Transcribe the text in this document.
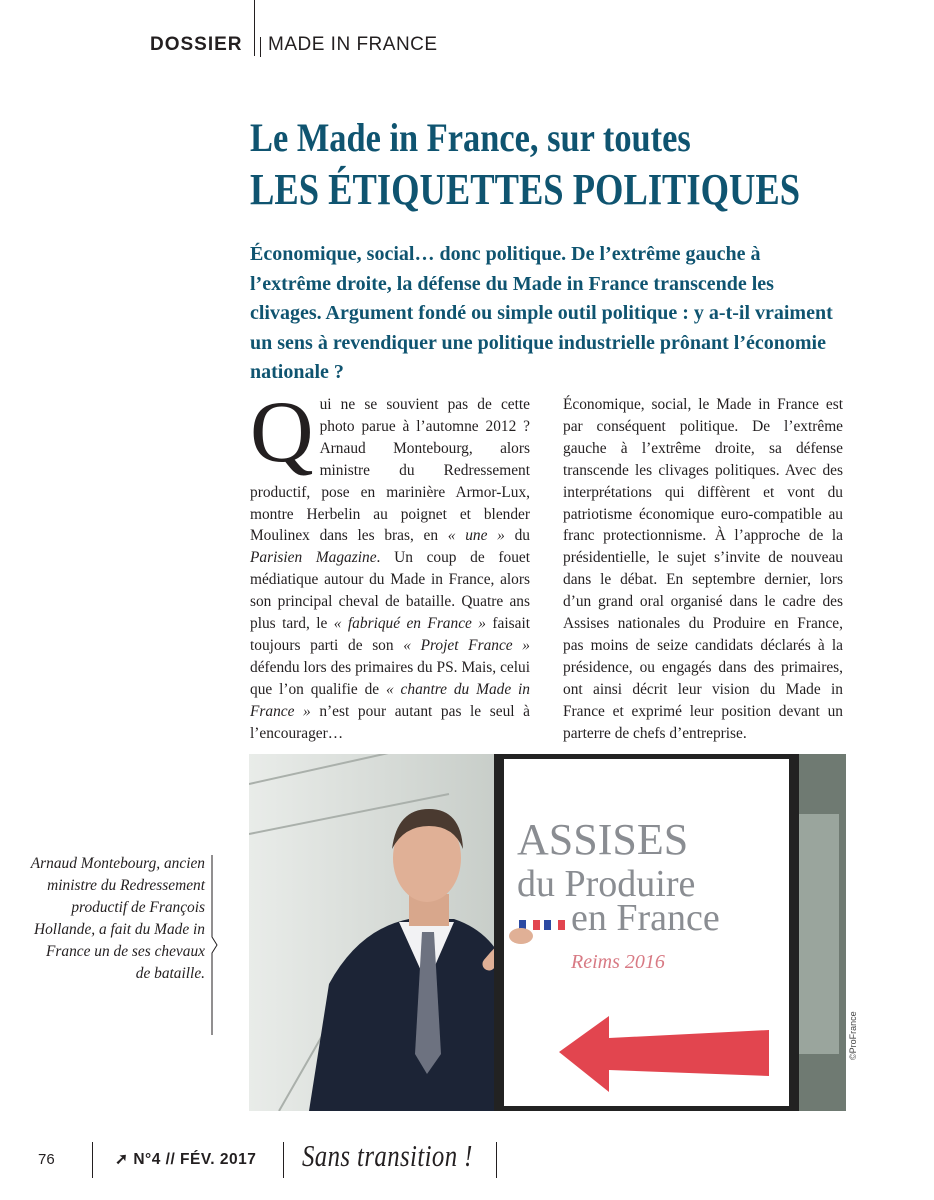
DOSSIER MADE IN FRANCE
Le Made in France, sur toutes
LES ÉTIQUETTES POLITIQUES

Économique, social… donc politique. De l’extrême gauche à l’extrême droite, la défense du Made in France transcende les clivages. Argument fondé ou simple outil politique : y a-t-il vraiment un sens à revendiquer une politique industrielle prônant l’économie nationale ?

Qui ne se souvient pas de cette photo parue à l’automne 2012 ? Arnaud Montebourg, alors ministre du Redressement productif, pose en marinière Armor-Lux, montre Herbelin au poignet et blender Moulinex dans les bras, en « une » du Parisien Magazine. Un coup de fouet médiatique autour du Made in France, alors son principal cheval de bataille. Quatre ans plus tard, le « fabriqué en France » faisait toujours parti de son « Projet France » défendu lors des primaires du PS. Mais, celui que l’on qualifie de « chantre du Made in France » n’est pour autant pas le seul à l’encourager…
Économique, social, le Made in France est par conséquent politique. De l’extrême gauche à l’extrême droite, sa défense transcende les clivages politiques. Avec des interprétations qui diffèrent et vont du patriotisme économique euro-compatible au franc protectionnisme. À l’approche de la présidentielle, le sujet s’invite de nouveau dans le débat. En septembre dernier, lors d’un grand oral organisé dans le cadre des Assises nationales du Produire en France, pas moins de seize candidats déclarés à la présidence, ou engagés dans des primaires, ont ainsi décrit leur vision du Made in France et exprimé leur position devant un parterre de chefs d’entreprise.
ASSISES
du Produire
en France
Reims 2016
©ProFrance
Arnaud Montebourg, ancien ministre du Redressement productif de François Hollande, a fait du Made in France un de ses chevaux de bataille.
76	➚ N°4 // FÉV. 2017 Sans transition !
